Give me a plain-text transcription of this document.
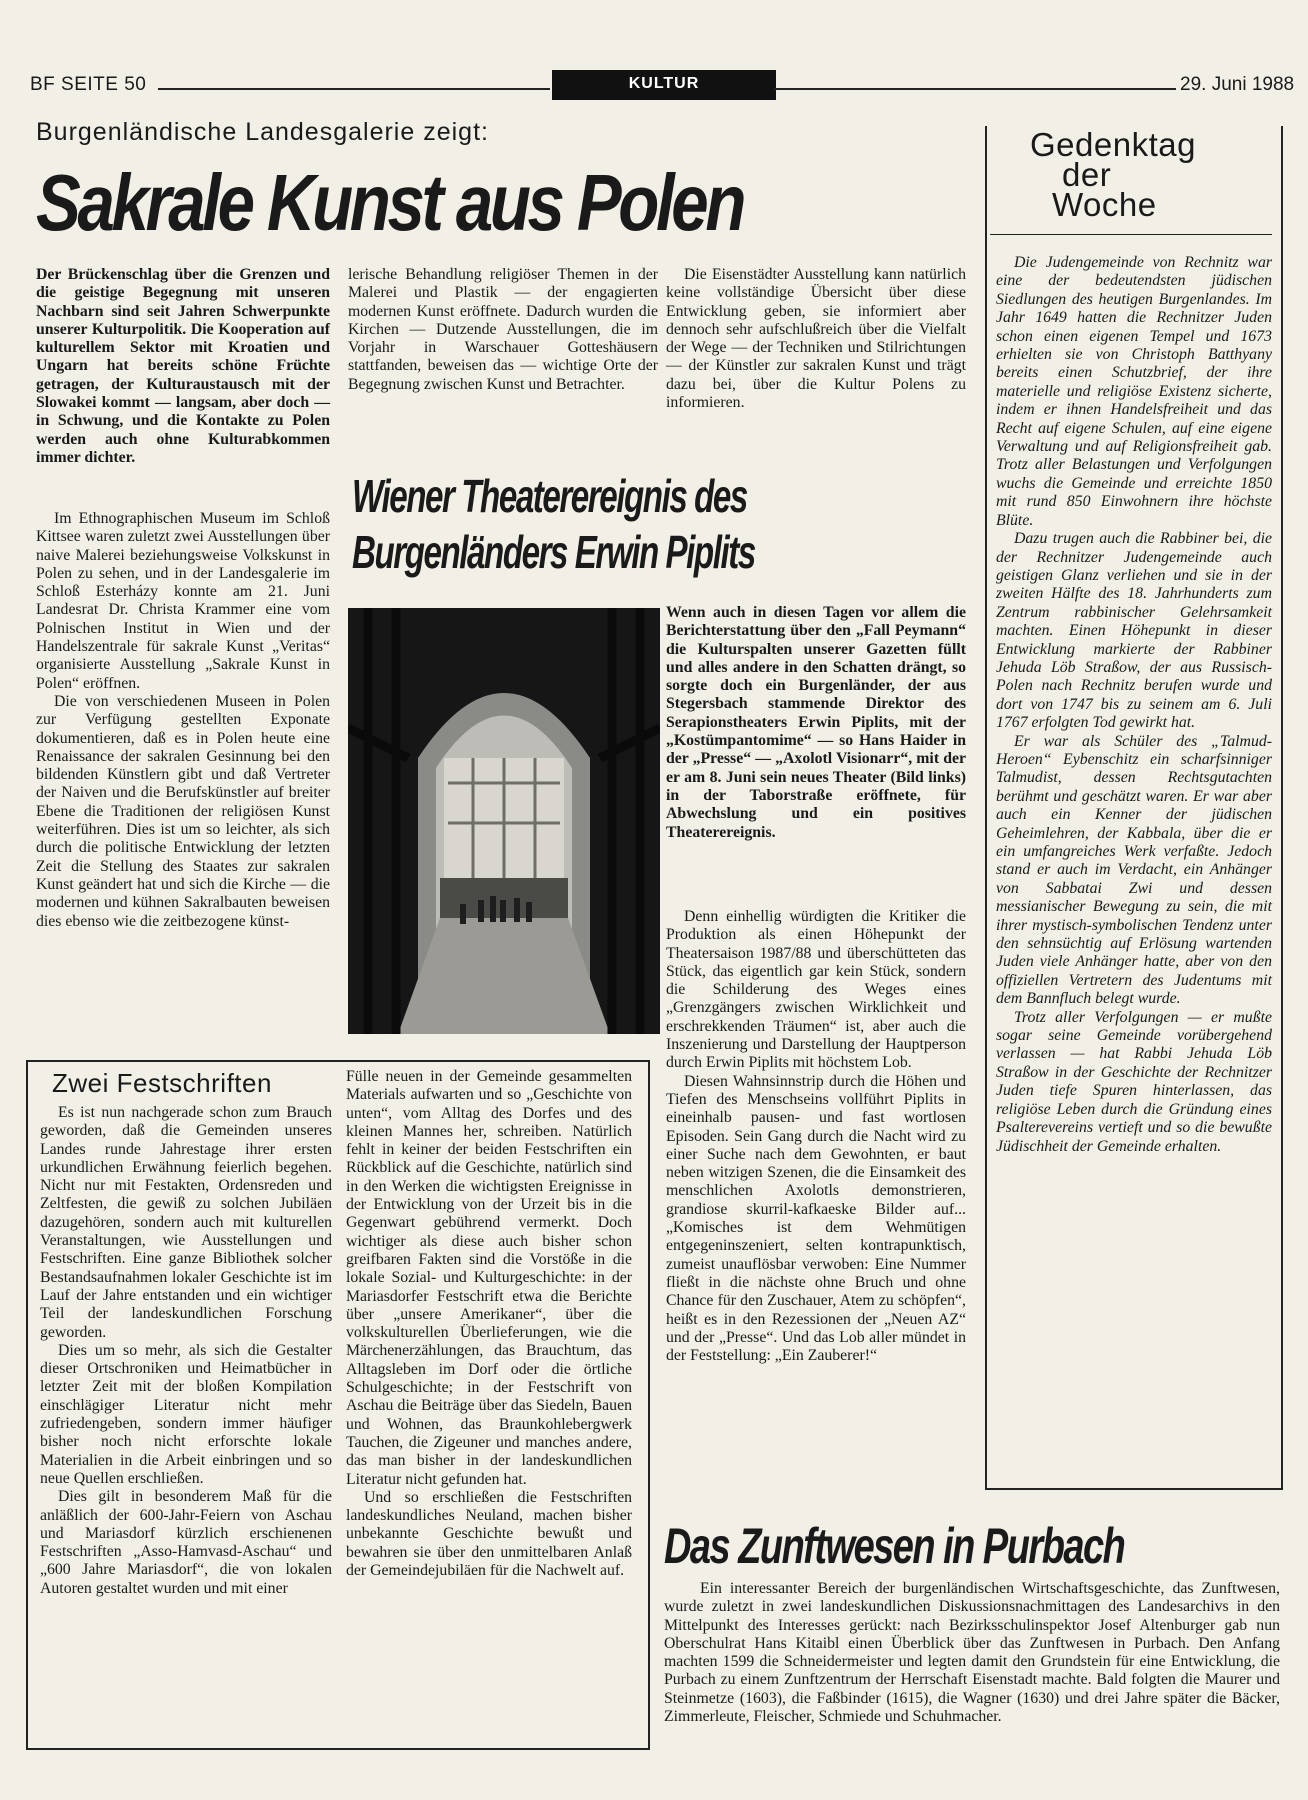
BF SEITE 50	KULTUR	29. Juni 1988
Burgenländische Landesgalerie zeigt:
Sakrale Kunst aus Polen

Der Brückenschlag über die Grenzen und die geistige Begegnung mit unseren Nachbarn sind seit Jahren Schwerpunkte unserer Kulturpolitik. Die Kooperation auf kulturellem Sektor mit Kroatien und Ungarn hat bereits schöne Früchte getragen, der Kulturaustausch mit der Slowakei kommt — langsam, aber doch — in Schwung, und die Kontakte zu Polen werden auch ohne Kulturabkommen immer dichter.

Im Ethnographischen Museum im Schloß Kittsee waren zuletzt zwei Ausstellungen über naive Malerei beziehungsweise Volkskunst in Polen zu sehen, und in der Landesgalerie im Schloß Esterházy konnte am 21. Juni Landesrat Dr. Christa Krammer eine vom Polnischen Institut in Wien und der Handelszentrale für sakrale Kunst „Veritas“ organisierte Ausstellung „Sakrale Kunst in Polen“ eröffnen.

Die von verschiedenen Museen in Polen zur Verfügung gestellten Exponate dokumentieren, daß es in Polen heute eine Renaissance der sakralen Gesinnung bei den bildenden Künstlern gibt und daß Vertreter der Naiven und die Berufskünstler auf breiter Ebene die Traditionen der religiösen Kunst weiterführen. Dies ist um so leichter, als sich durch die politische Entwicklung der letzten Zeit die Stellung des Staates zur sakralen Kunst geändert hat und sich die Kirche — die modernen und kühnen Sakralbauten beweisen dies ebenso wie die zeitbezogene künst-

lerische Behandlung religiöser Themen in der Malerei und Plastik — der engagierten modernen Kunst eröffnete. Dadurch wurden die Kirchen — Dutzende Ausstellungen, die im Vorjahr in Warschauer Gotteshäusern stattfanden, beweisen das — wichtige Orte der Begegnung zwischen Kunst und Betrachter.

Die Eisenstädter Ausstellung kann natürlich keine vollständige Übersicht über diese Entwicklung geben, sie informiert aber dennoch sehr aufschlußreich über die Vielfalt der Wege — der Techniken und Stilrichtungen — der Künstler zur sakralen Kunst und trägt dazu bei, über die Kultur Polens zu informieren.

Wiener Theaterereignis des
Burgenländers Erwin Piplits

Wenn auch in diesen Tagen vor allem die Berichterstattung über den „Fall Peymann“ die Kulturspalten unserer Gazetten füllt und alles andere in den Schatten drängt, so sorgte doch ein Burgenländer, der aus Stegersbach stammende Direktor des Serapionstheaters Erwin Piplits, mit der „Kostümpantomime“ — so Hans Haider in der „Presse“ — „Axolotl Visionarr“, mit der er am 8. Juni sein neues Theater (Bild links) in der Taborstraße eröffnete, für Abwechslung und ein positives Theaterereignis.

Denn einhellig würdigten die Kritiker die Produktion als einen Höhepunkt der Theatersaison 1987/88 und überschütteten das Stück, das eigentlich gar kein Stück, sondern die Schilderung des Weges eines „Grenzgängers zwischen Wirklichkeit und erschrekkenden Träumen“ ist, aber auch die Inszenierung und Darstellung der Hauptperson durch Erwin Piplits mit höchstem Lob.

Diesen Wahnsinnstrip durch die Höhen und Tiefen des Menschseins vollführt Piplits in eineinhalb pausen- und fast wortlosen Episoden. Sein Gang durch die Nacht wird zu einer Suche nach dem Gewohnten, er baut neben witzigen Szenen, die die Einsamkeit des menschlichen Axolotls demonstrieren, grandiose skurril-kafkaeske Bilder auf... „Komisches ist dem Wehmütigen entgegeninszeniert, selten kontrapunktisch, zumeist unauflösbar verwoben: Eine Nummer fließt in die nächste ohne Bruch und ohne Chance für den Zuschauer, Atem zu schöpfen“, heißt es in den Rezessionen der „Neuen AZ“ und der „Presse“. Und das Lob aller mündet in der Feststellung: „Ein Zauberer!“

Zwei Festschriften

Es ist nun nachgerade schon zum Brauch geworden, daß die Gemeinden unseres Landes runde Jahrestage ihrer ersten urkundlichen Erwähnung feierlich begehen. Nicht nur mit Festakten, Ordensreden und Zeltfesten, die gewiß zu solchen Jubiläen dazugehören, sondern auch mit kulturellen Veranstaltungen, wie Ausstellungen und Festschriften. Eine ganze Bibliothek solcher Bestandsaufnahmen lokaler Geschichte ist im Lauf der Jahre entstanden und ein wichtiger Teil der landeskundlichen Forschung geworden.

Dies um so mehr, als sich die Gestalter dieser Ortschroniken und Heimatbücher in letzter Zeit mit der bloßen Kompilation einschlägiger Literatur nicht mehr zufriedengeben, sondern immer häufiger bisher noch nicht erforschte lokale Materialien in die Arbeit einbringen und so neue Quellen erschließen.

Dies gilt in besonderem Maß für die anläßlich der 600-Jahr-Feiern von Aschau und Mariasdorf kürzlich erschienenen Festschriften „Asso-Hamvasd-Aschau“ und „600 Jahre Mariasdorf“, die von lokalen Autoren gestaltet wurden und mit einer

Fülle neuen in der Gemeinde gesammelten Materials aufwarten und so „Geschichte von unten“, vom Alltag des Dorfes und des kleinen Mannes her, schreiben. Natürlich fehlt in keiner der beiden Festschriften ein Rückblick auf die Geschichte, natürlich sind in den Werken die wichtigsten Ereignisse in der Entwicklung von der Urzeit bis in die Gegenwart gebührend vermerkt. Doch wichtiger als diese auch bisher schon greifbaren Fakten sind die Vorstöße in die lokale Sozial- und Kulturgeschichte: in der Mariasdorfer Festschrift etwa die Berichte über „unsere Amerikaner“, über die volkskulturellen Überlieferungen, wie die Märchenerzählungen, das Brauchtum, das Alltagsleben im Dorf oder die örtliche Schulgeschichte; in der Festschrift von Aschau die Beiträge über das Siedeln, Bauen und Wohnen, das Braunkohlebergwerk Tauchen, die Zigeuner und manches andere, das man bisher in der landeskundlichen Literatur nicht gefunden hat.

Und so erschließen die Festschriften landeskundliches Neuland, machen bisher unbekannte Geschichte bewußt und bewahren sie über den unmittelbaren Anlaß der Gemeindejubiläen für die Nachwelt auf.

Gedenktag
der
Woche

Die Judengemeinde von Rechnitz war eine der bedeutendsten jüdischen Siedlungen des heutigen Burgenlandes. Im Jahr 1649 hatten die Rechnitzer Juden schon einen eigenen Tempel und 1673 erhielten sie von Christoph Batthyany bereits einen Schutzbrief, der ihre materielle und religiöse Existenz sicherte, indem er ihnen Handelsfreiheit und das Recht auf eigene Schulen, auf eine eigene Verwaltung und auf Religionsfreiheit gab. Trotz aller Belastungen und Verfolgungen wuchs die Gemeinde und erreichte 1850 mit rund 850 Einwohnern ihre höchste Blüte.

Dazu trugen auch die Rabbiner bei, die der Rechnitzer Judengemeinde auch geistigen Glanz verliehen und sie in der zweiten Hälfte des 18. Jahrhunderts zum Zentrum rabbinischer Gelehrsamkeit machten. Einen Höhepunkt in dieser Entwicklung markierte der Rabbiner Jehuda Löb Straßow, der aus Russisch-Polen nach Rechnitz berufen wurde und dort von 1747 bis zu seinem am 6. Juli 1767 erfolgten Tod gewirkt hat.

Er war als Schüler des „Talmud-Heroen“ Eybenschitz ein scharfsinniger Talmudist, dessen Rechtsgutachten berühmt und geschätzt waren. Er war aber auch ein Kenner der jüdischen Geheimlehren, der Kabbala, über die er ein umfangreiches Werk verfaßte. Jedoch stand er auch im Verdacht, ein Anhänger von Sabbatai Zwi und dessen messianischer Bewegung zu sein, die mit ihrer mystisch-symbolischen Tendenz unter den sehnsüchtig auf Erlösung wartenden Juden viele Anhänger hatte, aber von den offiziellen Vertretern des Judentums mit dem Bannfluch belegt wurde.

Trotz aller Verfolgungen — er mußte sogar seine Gemeinde vorübergehend verlassen — hat Rabbi Jehuda Löb Straßow in der Geschichte der Rechnitzer Juden tiefe Spuren hinterlassen, das religiöse Leben durch die Gründung eines Psalterevereins vertieft und so die bewußte Jüdischheit der Gemeinde erhalten.

Das Zunftwesen in Purbach

Ein interessanter Bereich der burgenländischen Wirtschaftsgeschichte, das Zunftwesen, wurde zuletzt in zwei landeskundlichen Diskussionsnachmittagen des Landesarchivs in den Mittelpunkt des Interesses gerückt: nach Bezirksschulinspektor Josef Altenburger gab nun Oberschulrat Hans Kitaibl einen Überblick über das Zunftwesen in Purbach. Den Anfang machten 1599 die Schneidermeister und legten damit den Grundstein für eine Entwicklung, die Purbach zu einem Zunftzentrum der Herrschaft Eisenstadt machte. Bald folgten die Maurer und Steinmetze (1603), die Faßbinder (1615), die Wagner (1630) und drei Jahre später die Bäcker, Zimmerleute, Fleischer, Schmiede und Schuhmacher.
